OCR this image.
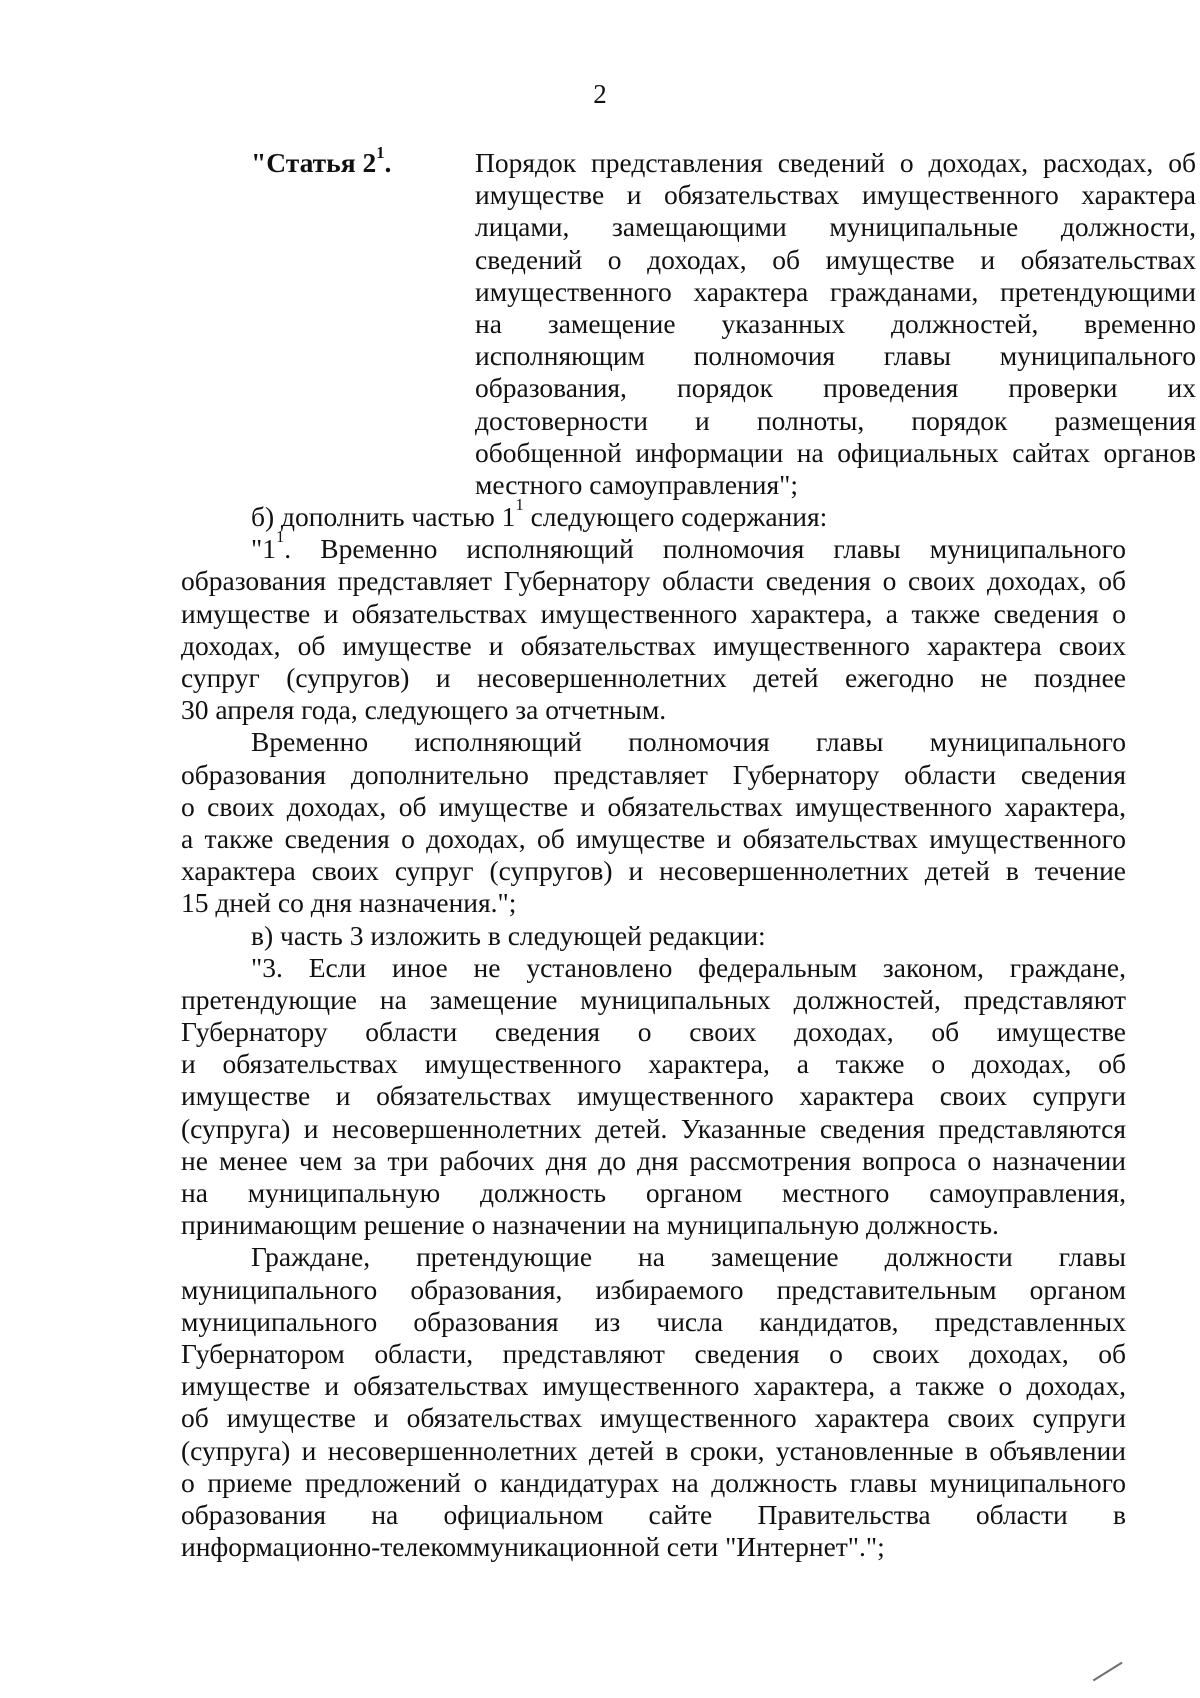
2
"Статья $2^1$.	Порядок представления сведений о доходах, расходах, об
имуществе и обязательствах имущественного характера
лицами, замещающими муниципальные должности,
сведений о доходах, об имуществе и обязательствах
имущественного характера гражданами, претендующими
на замещение указанных должностей, временно
исполняющим полномочия главы муниципального
образования, порядок проведения проверки их
достоверности и полноты, порядок размещения
обобщенной информации на официальных сайтах органов
местного самоуправления";
б) дополнить частью $1^1$ следующего содержания:
"$1^1$. Временно исполняющий полномочия главы муниципального
образования представляет Губернатору области сведения о своих доходах, об
имуществе и обязательствах имущественного характера, а также сведения о
доходах, об имуществе и обязательствах имущественного характера своих
супруг (супругов) и несовершеннолетних детей ежегодно не позднее
30 апреля года, следующего за отчетным.
Временно исполняющий полномочия главы муниципального
образования дополнительно представляет Губернатору области сведения
о своих доходах, об имуществе и обязательствах имущественного характера,
а также сведения о доходах, об имуществе и обязательствах имущественного
характера своих супруг (супругов) и несовершеннолетних детей в течение
15 дней со дня назначения.";
в) часть 3 изложить в следующей редакции:
"3. Если иное не установлено федеральным законом, граждане,
претендующие на замещение муниципальных должностей, представляют
Губернатору области сведения о своих доходах, об имуществе
и обязательствах имущественного характера, а также о доходах, об
имуществе и обязательствах имущественного характера своих супруги
(супруга) и несовершеннолетних детей. Указанные сведения представляются
не менее чем за три рабочих дня до дня рассмотрения вопроса о назначении
на муниципальную должность органом местного самоуправления,
принимающим решение о назначении на муниципальную должность.
Граждане, претендующие на замещение должности главы
муниципального образования, избираемого представительным органом
муниципального образования из числа кандидатов, представленных
Губернатором области, представляют сведения о своих доходах, об
имуществе и обязательствах имущественного характера, а также о доходах,
об имуществе и обязательствах имущественного характера своих супруги
(супруга) и несовершеннолетних детей в сроки, установленные в объявлении
о приеме предложений о кандидатурах на должность главы муниципального
образования на официальном сайте Правительства области в
информационно-телекоммуникационной сети "Интернет".";
